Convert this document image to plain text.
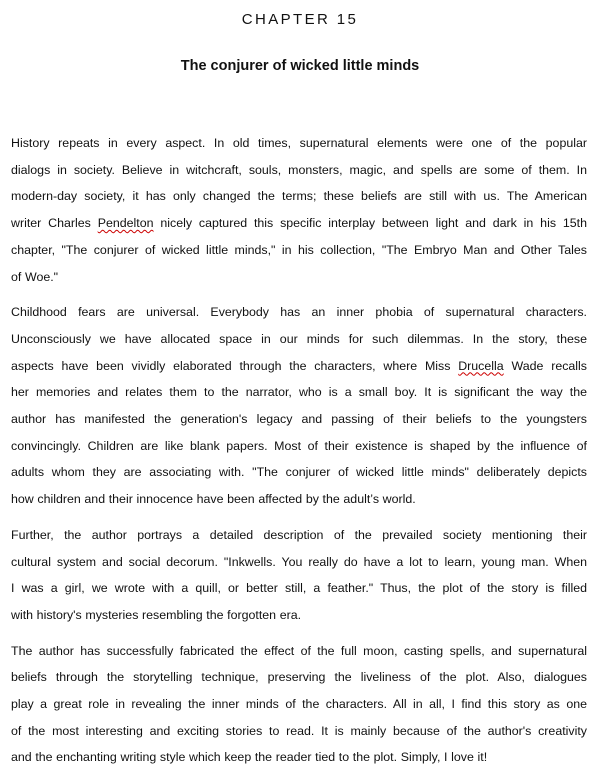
CHAPTER 15
The conjurer of wicked little minds

History repeats in every aspect. In old times, supernatural elements were one of the popular
dialogs in society. Believe in witchcraft, souls, monsters, magic, and spells are some of them. In
modern-day society, it has only changed the terms; these beliefs are still with us. The American
writer Charles Pendelton nicely captured this specific interplay between light and dark in his 15th
chapter, "The conjurer of wicked little minds," in his collection, "The Embryo Man and Other Tales
of Woe."

Childhood fears are universal. Everybody has an inner phobia of supernatural characters.
Unconsciously we have allocated space in our minds for such dilemmas. In the story, these
aspects have been vividly elaborated through the characters, where Miss Drucella Wade recalls
her memories and relates them to the narrator, who is a small boy. It is significant the way the
author has manifested the generation's legacy and passing of their beliefs to the youngsters
convincingly. Children are like blank papers. Most of their existence is shaped by the influence of
adults whom they are associating with. "The conjurer of wicked little minds" deliberately depicts
how children and their innocence have been affected by the adult’s world.

Further, the author portrays a detailed description of the prevailed society mentioning their
cultural system and social decorum. "Inkwells. You really do have a lot to learn, young man. When
I was a girl, we wrote with a quill, or better still, a feather." Thus, the plot of the story is filled
with history's mysteries resembling the forgotten era.

The author has successfully fabricated the effect of the full moon, casting spells, and supernatural
beliefs through the storytelling technique, preserving the liveliness of the plot. Also, dialogues
play a great role in revealing the inner minds of the characters. All in all, I find this story as one
of the most interesting and exciting stories to read. It is mainly because of the author's creativity
and the enchanting writing style which keep the reader tied to the plot. Simply, I love it!
